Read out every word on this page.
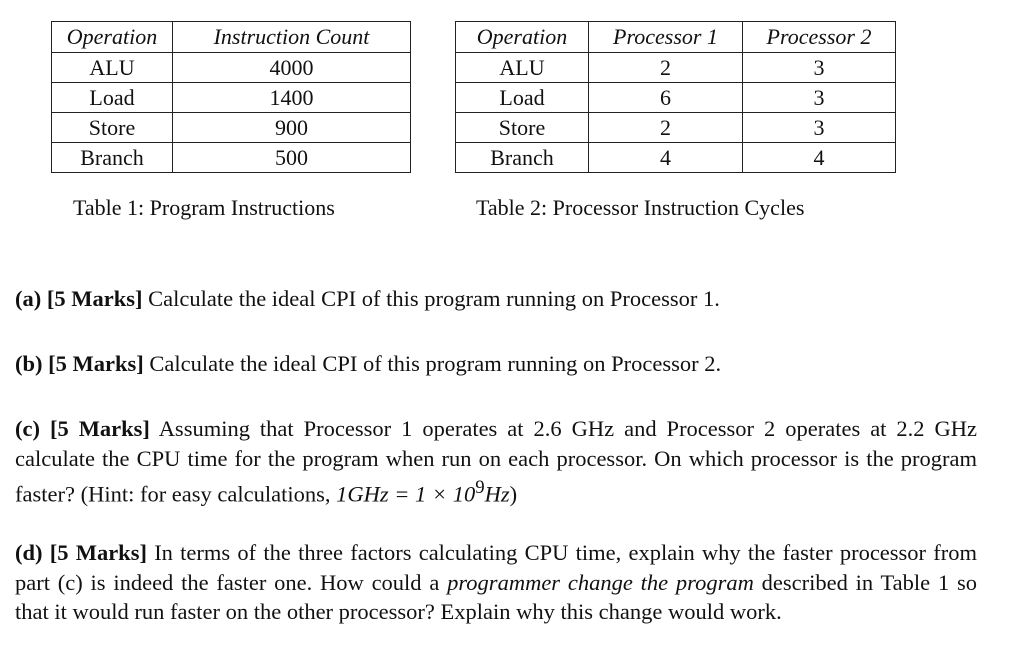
Operation	Instruction Count
ALU	4000
Load	1400
Store	900
Branch	500
Operation	Processor 1	Processor 2
ALU	2	3
Load	6	3
Store	2	3
Branch	4	4
Table 1: Program Instructions	Table 2: Processor Instruction Cycles
(a) [5 Marks] Calculate the ideal CPI of this program running on Processor 1.
(b) [5 Marks] Calculate the ideal CPI of this program running on Processor 2.
(c) [5 Marks] Assuming that Processor 1 operates at 2.6 GHz and Processor 2 operates at 2.2 GHz calculate the CPU time for the program when run on each processor. On which processor is the program faster? (Hint: for easy calculations, $1GHz = 1 \times 10^9Hz$)
(d) [5 Marks] In terms of the three factors calculating CPU time, explain why the faster processor from part (c) is indeed the faster one. How could a programmer change the program described in Table 1 so that it would run faster on the other processor? Explain why this change would work.
